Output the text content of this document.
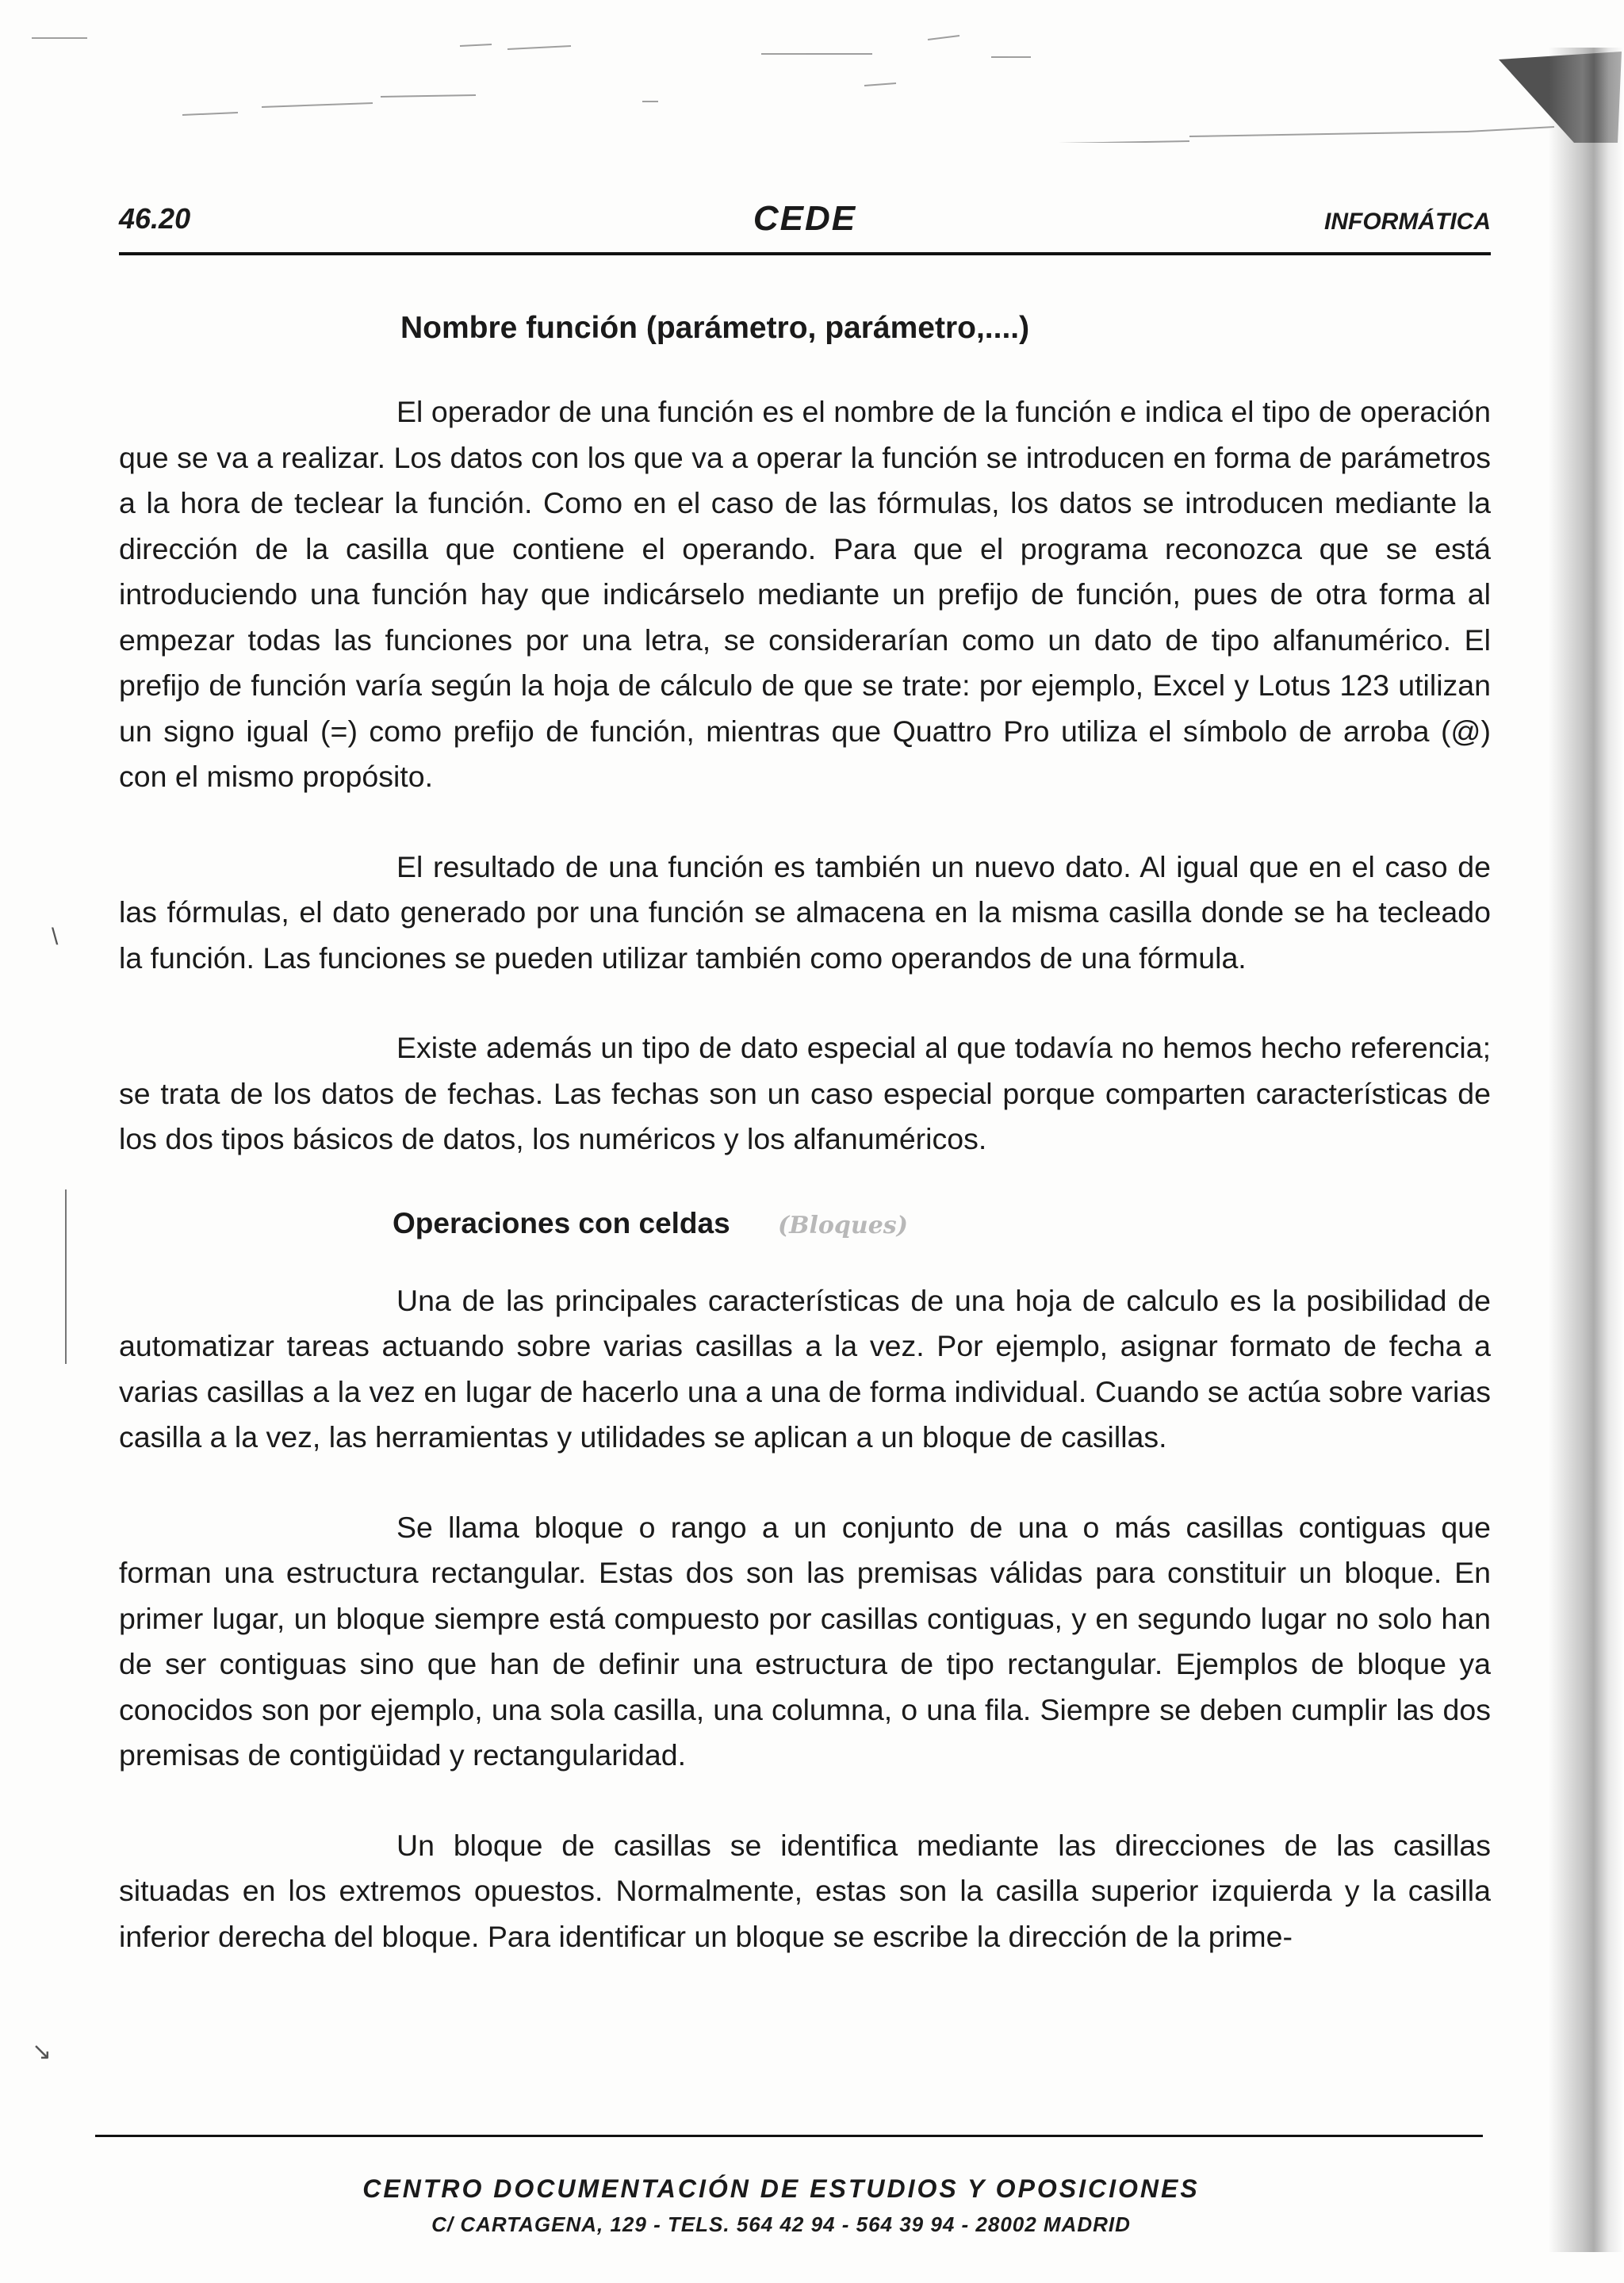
46.20	CEDE	INFORMÁTICA
Nombre función (parámetro, parámetro,....)

El operador de una función es el nombre de la función e indica el tipo de operación que se va a realizar. Los datos con los que va a operar la función se introducen en forma de parámetros a la hora de teclear la función. Como en el caso de las fórmulas, los datos se introducen mediante la dirección de la casilla que contiene el operando. Para que el programa reconozca que se está introduciendo una función hay que indicárselo mediante un prefijo de función, pues de otra forma al empezar todas las funciones por una letra, se considerarían como un dato de tipo alfanumérico. El prefijo de función varía según la hoja de cálculo de que se trate: por ejemplo, Excel y Lotus 123 utilizan un signo igual (=) como prefijo de función, mientras que Quattro Pro utiliza el símbolo de arroba (@) con el mismo propósito.

El resultado de una función es también un nuevo dato. Al igual que en el caso de las fórmulas, el dato generado por una función se almacena en la misma casilla donde se ha tecleado la función. Las funciones se pueden utilizar también como operandos de una fórmula.

Existe además un tipo de dato especial al que todavía no hemos hecho referencia; se trata de los datos de fechas. Las fechas son un caso especial porque comparten características de los dos tipos básicos de datos, los numéricos y los alfanuméricos.

Operaciones con celdas (Bloques)

Una de las principales características de una hoja de calculo es la posibilidad de automatizar tareas actuando sobre varias casillas a la vez. Por ejemplo, asignar formato de fecha a varias casillas a la vez en lugar de hacerlo una a una de forma individual. Cuando se actúa sobre varias casilla a la vez, las herramientas y utilidades se aplican a un bloque de casillas.

Se llama bloque o rango a un conjunto de una o más casillas contiguas que forman una estructura rectangular. Estas dos son las premisas válidas para constituir un bloque. En primer lugar, un bloque siempre está compuesto por casillas contiguas, y en segundo lugar no solo han de ser contiguas sino que han de definir una estructura de tipo rectangular. Ejemplos de bloque ya conocidos son por ejemplo, una sola casilla, una columna, o una fila. Siempre se deben cumplir las dos premisas de contigüidad y rectangularidad.

Un bloque de casillas se identifica mediante las direcciones de las casillas situadas en los extremos opuestos. Normalmente, estas son la casilla superior izquierda y la casilla inferior derecha del bloque. Para identificar un bloque se escribe la dirección de la prime-

\
↘
CENTRO DOCUMENTACIÓN DE ESTUDIOS Y OPOSICIONES
C/ CARTAGENA, 129 - TELS. 564 42 94 - 564 39 94 - 28002 MADRID
